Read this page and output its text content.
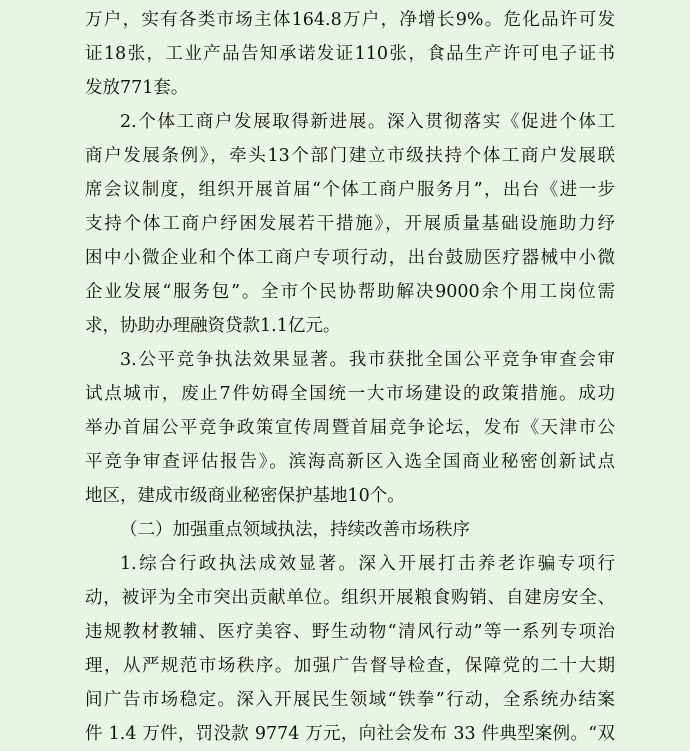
万户，实有各类市场主体164.8万户，净增长9%。危化品许可发
证18张，工业产品告知承诺发证110张，食品生产许可电子证书
发放771套。
2.个体工商户发展取得新进展。深入贯彻落实《促进个体工
商户发展条例》，牵头13个部门建立市级扶持个体工商户发展联
席会议制度，组织开展首届“个体工商户服务月”，出台《进一步
支持个体工商户纾困发展若干措施》，开展质量基础设施助力纾
困中小微企业和个体工商户专项行动，出台鼓励医疗器械中小微
企业发展“服务包”。全市个民协帮助解决9000余个用工岗位需
求，协助办理融资贷款1.1亿元。
3.公平竞争执法效果显著。我市获批全国公平竞争审查会审
试点城市，废止7件妨碍全国统一大市场建设的政策措施。成功
举办首届公平竞争政策宣传周暨首届竞争论坛，发布《天津市公
平竞争审查评估报告》。滨海高新区入选全国商业秘密创新试点
地区，建成市级商业秘密保护基地10个。
（二）加强重点领域执法，持续改善市场秩序
1.综合行政执法成效显著。深入开展打击养老诈骗专项行
动，被评为全市突出贡献单位。组织开展粮食购销、自建房安全、
违规教材教辅、医疗美容、野生动物“清风行动”等一系列专项治
理，从严规范市场秩序。加强广告督导检查，保障党的二十大期
间广告市场稳定。深入开展民生领域“铁拳”行动，全系统办结案
件 1.4 万件，罚没款 9774 万元，向社会发布 33 件典型案例。“双
